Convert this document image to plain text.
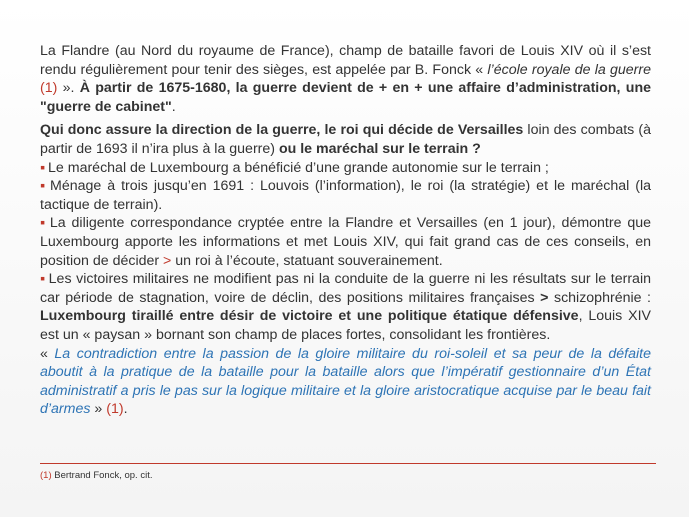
La Flandre (au Nord du royaume de France), champ de bataille favori de Louis XIV où il s’est rendu régulièrement pour tenir des sièges, est appelée par B. Fonck « l’école royale de la guerre (1) ». À partir de 1675-1680, la guerre devient de + en + une affaire d’administration, une "guerre de cabinet".

Qui donc assure la direction de la guerre, le roi qui décide de Versailles loin des combats (à partir de 1693 il n’ira plus à la guerre) ou le maréchal sur le terrain ?

▪ Le maréchal de Luxembourg a bénéficié d’une grande autonomie sur le terrain ;

▪ Ménage à trois jusqu’en 1691 : Louvois (l’information), le roi (la stratégie) et le maréchal (la tactique de terrain).

▪ La diligente correspondance cryptée entre la Flandre et Versailles (en 1 jour), démontre que Luxembourg apporte les informations et met Louis XIV, qui fait grand cas de ces conseils, en position de décider > un roi à l’écoute, statuant souverainement.

▪ Les victoires militaires ne modifient pas ni la conduite de la guerre ni les résultats sur le terrain car période de stagnation, voire de déclin, des positions militaires françaises > schizophrénie : Luxembourg tiraillé entre désir de victoire et une politique étatique défensive, Louis XIV est un « paysan » bornant son champ de places fortes, consolidant les frontières.

« La contradiction entre la passion de la gloire militaire du roi-soleil et sa peur de la défaite aboutit à la pratique de la bataille pour la bataille alors que l’impératif gestionnaire d’un État administratif a pris le pas sur la logique militaire et la gloire aristocratique acquise par le beau fait d’armes » (1).

(1) Bertrand Fonck, op. cit.
